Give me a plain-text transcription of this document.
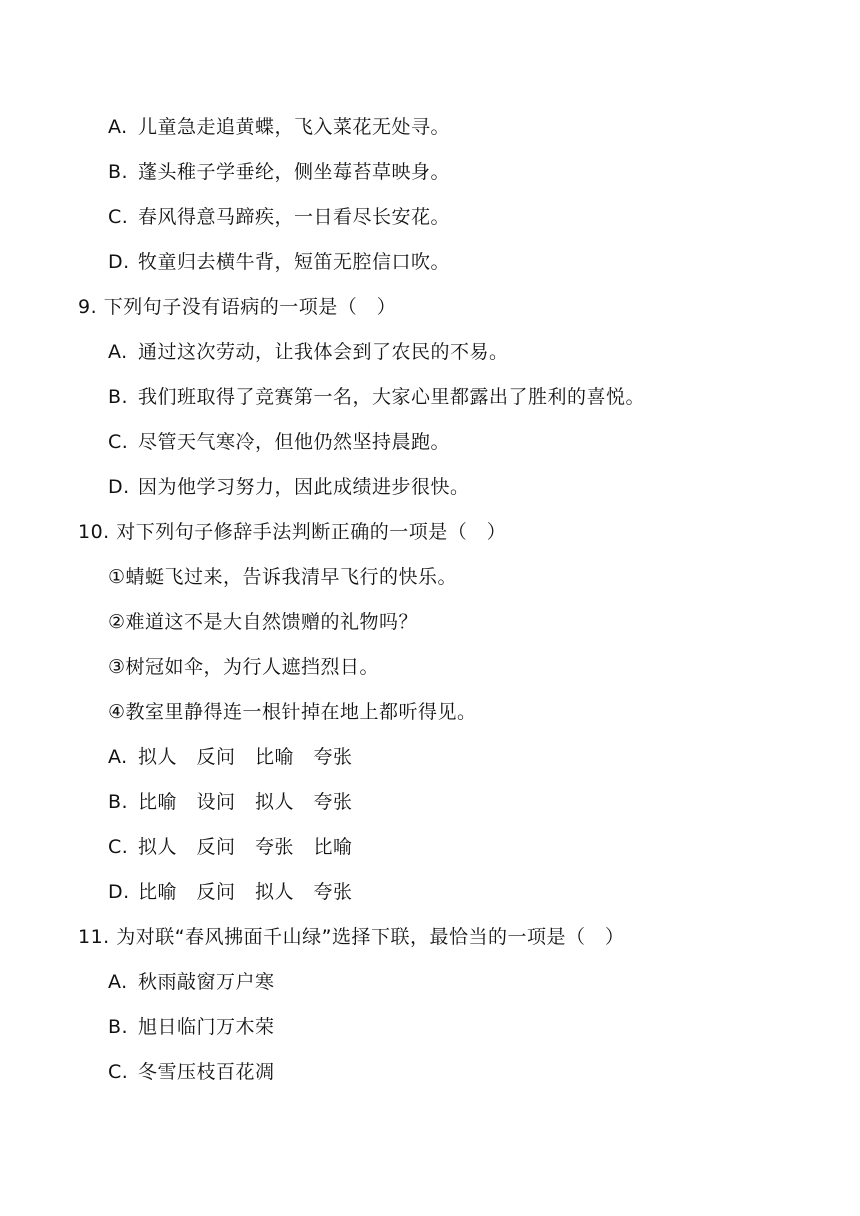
A. 儿童急走追黄蝶，飞入菜花无处寻。
B. 蓬头稚子学垂纶，侧坐莓苔草映身。
C. 春风得意马蹄疾，一日看尽长安花。
D. 牧童归去横牛背，短笛无腔信口吹。
9. 下列句子没有语病的一项是（　）
A. 通过这次劳动，让我体会到了农民的不易。
B. 我们班取得了竞赛第一名，大家心里都露出了胜利的喜悦。
C. 尽管天气寒冷，但他仍然坚持晨跑。
D. 因为他学习努力，因此成绩进步很快。
10. 对下列句子修辞手法判断正确的一项是（　）
①蜻蜓飞过来，告诉我清早飞行的快乐。
②难道这不是大自然馈赠的礼物吗？
③树冠如伞，为行人遮挡烈日。
④教室里静得连一根针掉在地上都听得见。
A. 拟人　反问　比喻　夸张
B. 比喻　设问　拟人　夸张
C. 拟人　反问　夸张　比喻
D. 比喻　反问　拟人　夸张
11. 为对联“春风拂面千山绿”选择下联，最恰当的一项是（　）
A. 秋雨敲窗万户寒
B. 旭日临门万木荣
C. 冬雪压枝百花凋
